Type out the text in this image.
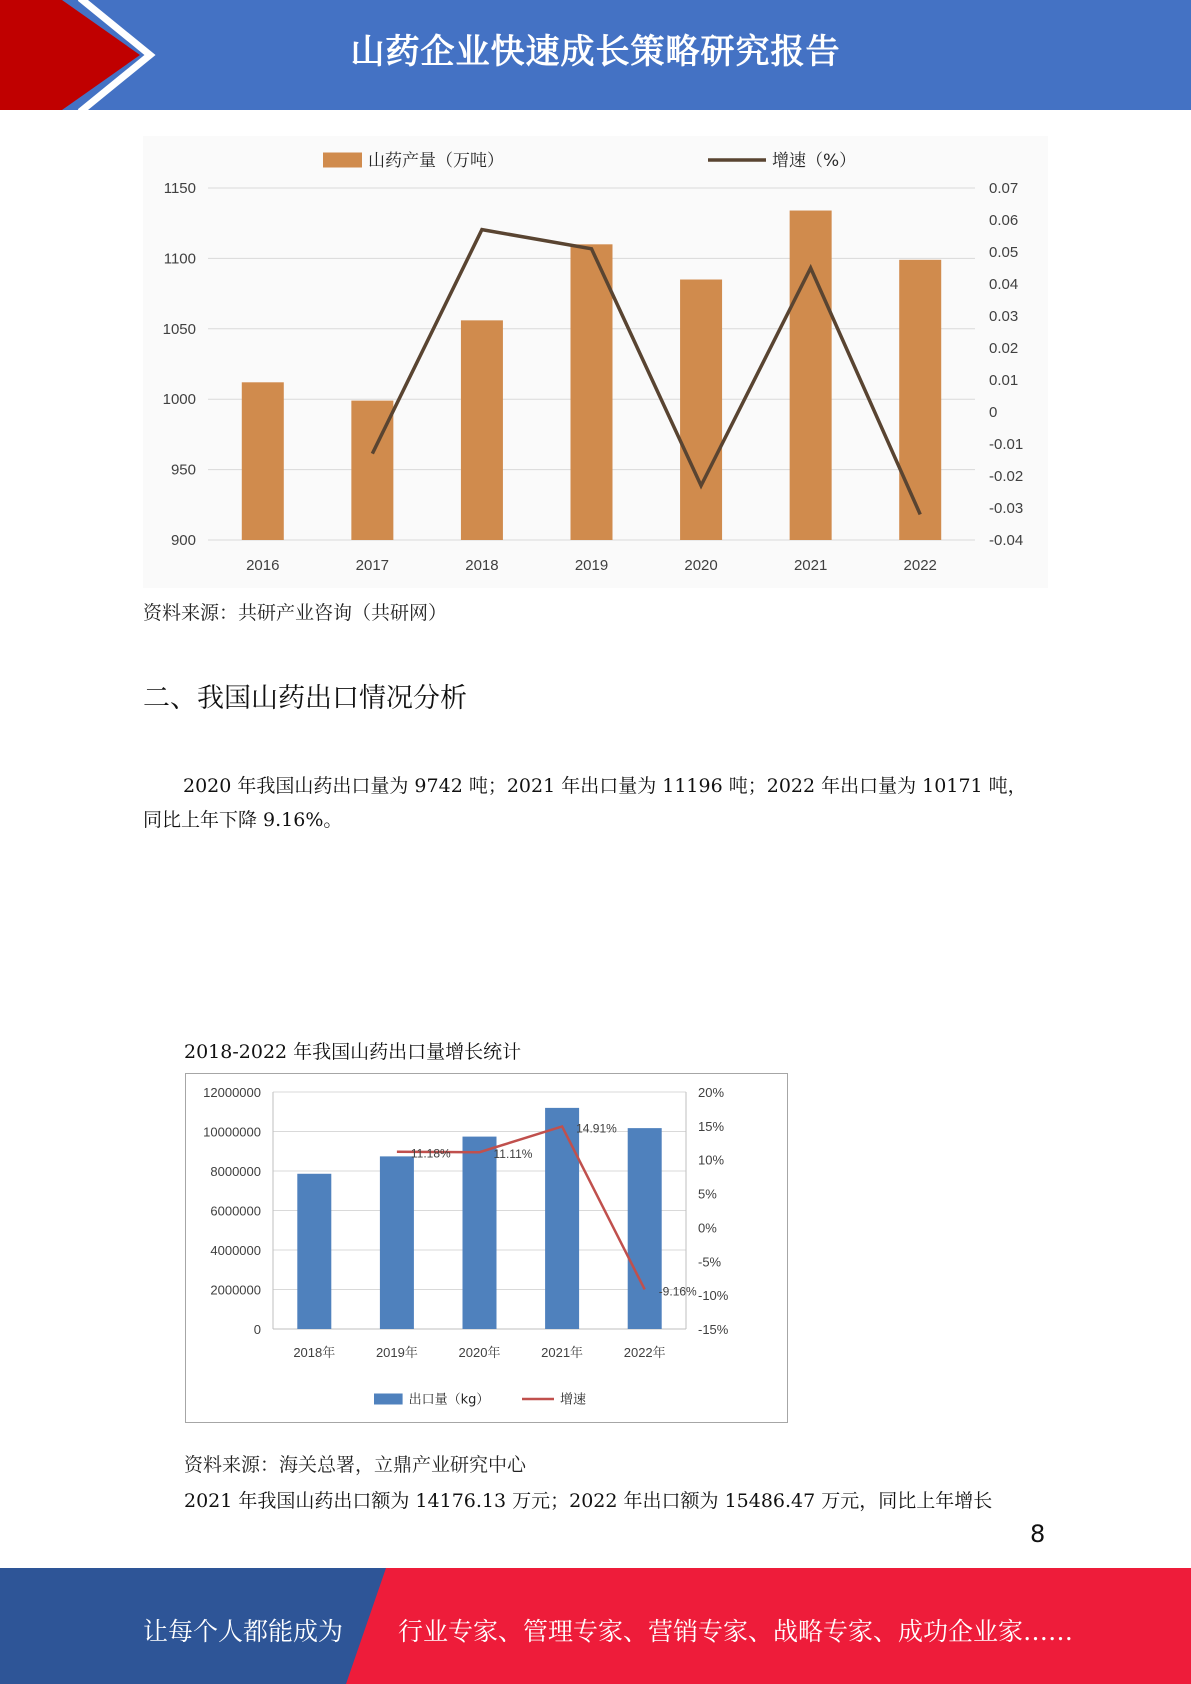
山药企业快速成长策略研究报告
900
950
1000
1050
1100
1150
-0.04
-0.03
-0.02
-0.01
0
0.01
0.02
0.03
0.04
0.05
0.06
0.07
2016	2017	2018	2019	2020	2021	2022
山药产量（万吨）	增速（%）
资料来源：共研产业咨询（共研网）
二、我国山药出口情况分析
2020 年我国山药出口量为 9742 吨；2021 年出口量为 11196 吨；2022 年出口量为 10171 吨，同比上年下降 9.16%。
2018-2022 年我国山药出口量增长统计
0
2000000
4000000
6000000
8000000
10000000
12000000
-15%
-10%
-5%
0%
5%
10%
15%
20%
2018年	2019年	2020年	2021年	2022年
11.18%	11.11%
14.91%
-9.16%
出口量（kg）	增速
资料来源：海关总署，立鼎产业研究中心
2021 年我国山药出口额为 14176.13 万元；2022 年出口额为 15486.47 万元，同比上年增长
8
让每个人都能成为 行业专家、管理专家、营销专家、战略专家、成功企业家……
